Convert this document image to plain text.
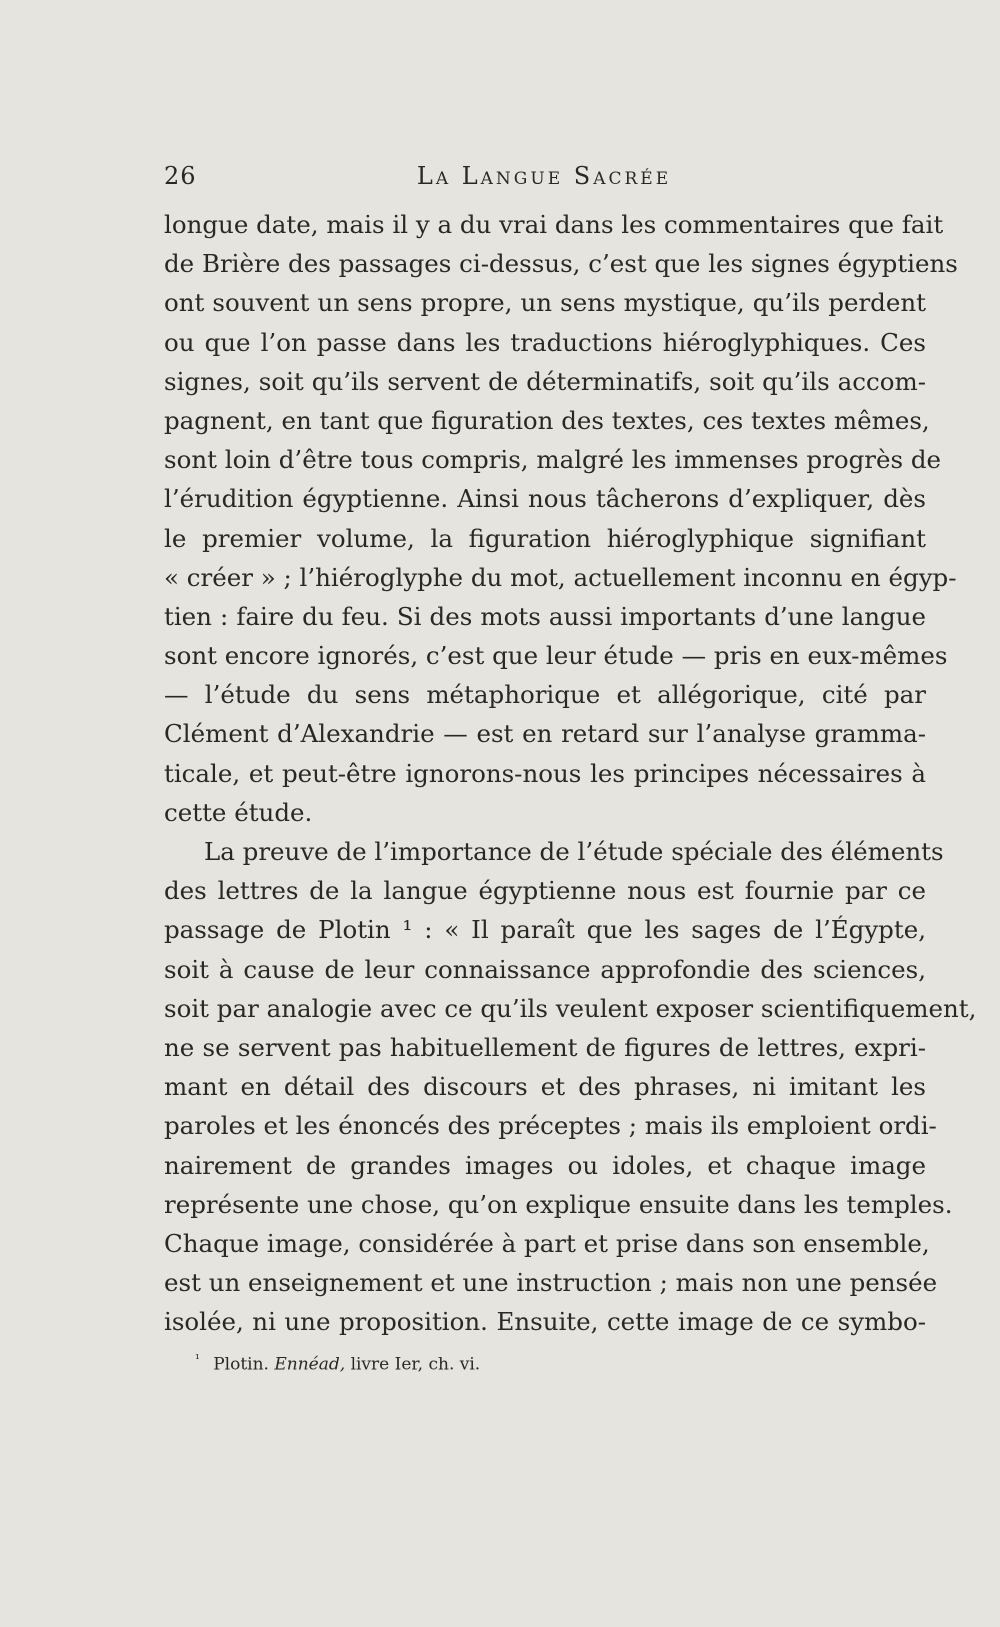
26	La Langue Sacrée
longue date, mais il y a du vrai dans les commentaires que fait
de Brière des passages ci-dessus, c’est que les signes égyptiens
ont souvent un sens propre, un sens mystique, qu’ils perdent
ou que l’on passe dans les traductions hiéroglyphiques. Ces
signes, soit qu’ils servent de déterminatifs, soit qu’ils accom-
pagnent, en tant que figuration des textes, ces textes mêmes,
sont loin d’être tous compris, malgré les immenses progrès de
l’érudition égyptienne. Ainsi nous tâcherons d’expliquer, dès
le premier volume, la figuration hiéroglyphique signifiant
« créer » ; l’hiéroglyphe du mot, actuellement inconnu en égyp-
tien : faire du feu. Si des mots aussi importants d’une langue
sont encore ignorés, c’est que leur étude — pris en eux-mêmes
— l’étude du sens métaphorique et allégorique, cité par
Clément d’Alexandrie — est en retard sur l’analyse gramma-
ticale, et peut-être ignorons-nous les principes nécessaires à
cette étude.
La preuve de l’importance de l’étude spéciale des éléments
des lettres de la langue égyptienne nous est fournie par ce
passage de Plotin ¹ : « Il paraît que les sages de l’Égypte,
soit à cause de leur connaissance approfondie des sciences,
soit par analogie avec ce qu’ils veulent exposer scientifiquement,
ne se servent pas habituellement de figures de lettres, expri-
mant en détail des discours et des phrases, ni imitant les
paroles et les énoncés des préceptes ; mais ils emploient ordi-
nairement de grandes images ou idoles, et chaque image
représente une chose, qu’on explique ensuite dans les temples.
Chaque image, considérée à part et prise dans son ensemble,
est un enseignement et une instruction ; mais non une pensée
isolée, ni une proposition. Ensuite, cette image de ce symbo-
$^{^1}$ Plotin. Ennéad, livre Ier, ch. vi.
